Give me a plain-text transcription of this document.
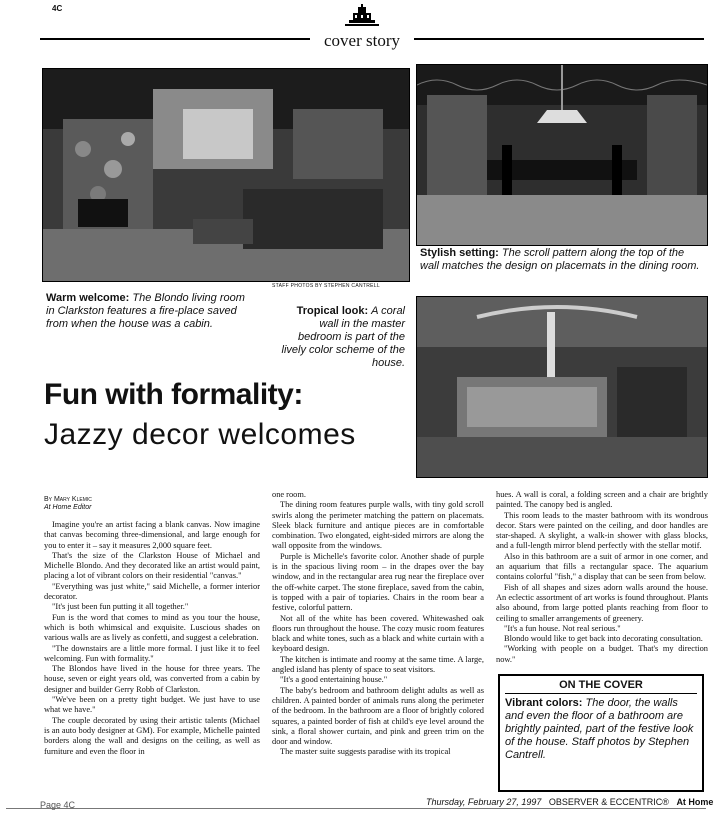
4C
cover story
STAFF PHOTOS BY STEPHEN CANTRELL
Warm welcome: The Blondo living room in Clarkston features a fire-place saved from when the house was a cabin.
Stylish setting: The scroll pattern along the top of the wall matches the design on placemats in the dining room.
Tropical look: A coral wall in the master bedroom is part of the lively color scheme of the house.
Fun with formality:
Jazzy decor welcomes
By Mary Klemic
At Home Editor

Imagine you're an artist facing a blank canvas. Now imagine that canvas becoming three-dimensional, and large enough for you to enter it – say it measures 2,000 square feet.

That's the size of the Clarkston House of Michael and Michelle Blondo. And they decorated like an artist would paint, placing a lot of vibrant colors on their residential "canvas."

"Everything was just white," said Michelle, a former interior decorator.

"It's just been fun putting it all together."

Fun is the word that comes to mind as you tour the house, which is both whimsical and exquisite. Luscious shades on various walls are as lively as confetti, and suggest a celebration.

"The downstairs are a little more formal. I just like it to feel welcoming. Fun with formality."

The Blondos have lived in the house for three years. The house, seven or eight years old, was converted from a cabin by designer and builder Gerry Robb of Clarkston.

"We've been on a pretty tight budget. We just have to use what we have."

The couple decorated by using their artistic talents (Michael is an auto body designer at GM). For example, Michelle painted borders along the wall and designs on the ceiling, as well as furniture and even the floor in

one room.

The dining room features purple walls, with tiny gold scroll swirls along the perimeter matching the pattern on placemats. Sleek black furniture and antique pieces are in comfortable combination. Two elongated, eight-sided mirrors are along the wall opposite from the windows.

Purple is Michelle's favorite color. Another shade of purple is in the spacious living room – in the drapes over the bay window, and in the rectangular area rug near the fireplace over the off-white carpet. The stone fireplace, saved from the cabin, is topped with a pair of topiaries. Chairs in the room bear a festive, colorful pattern.

Not all of the white has been covered. Whitewashed oak floors run throughout the house. The cozy music room features black and white tones, such as a black and white curtain with a keyboard design.

The kitchen is intimate and roomy at the same time. A large, angled island has plenty of space to seat visitors.

"It's a good entertaining house."

The baby's bedroom and bathroom delight adults as well as children. A painted border of animals runs along the perimeter of the bedroom. In the bathroom are a floor of brightly colored squares, a painted border of fish at child's eye level around the sink, a floral shower curtain, and pink and green trim on the door and window.

The master suite suggests paradise with its tropical

hues. A wall is coral, a folding screen and a chair are brightly painted. The canopy bed is angled.

This room leads to the master bathroom with its wondrous decor. Stars were painted on the ceiling, and door handles are star-shaped. A skylight, a walk-in shower with glass blocks, and a full-length mirror blend perfectly with the stellar motif.

Also in this bathroom are a suit of armor in one corner, and an aquarium that fills a rectangular space. The aquarium contains colorful "fish," a display that can be seen from below.

Fish of all shapes and sizes adorn walls around the house. An eclectic assortment of art works is found throughout. Plants also abound, from large potted plants reaching from floor to ceiling to smaller arrangements of greenery.

"It's a fun house. Not real serious."

Blondo would like to get back into decorating consultation.

"Working with people on a budget. That's my direction now."

ON THE COVER
Vibrant colors: The door, the walls and even the floor of a bathroom are brightly painted, part of the festive look of the house. Staff photos by Stephen Cantrell.
Page 4C	Thursday, February 27, 1997 OBSERVER & ECCENTRIC® At Home
